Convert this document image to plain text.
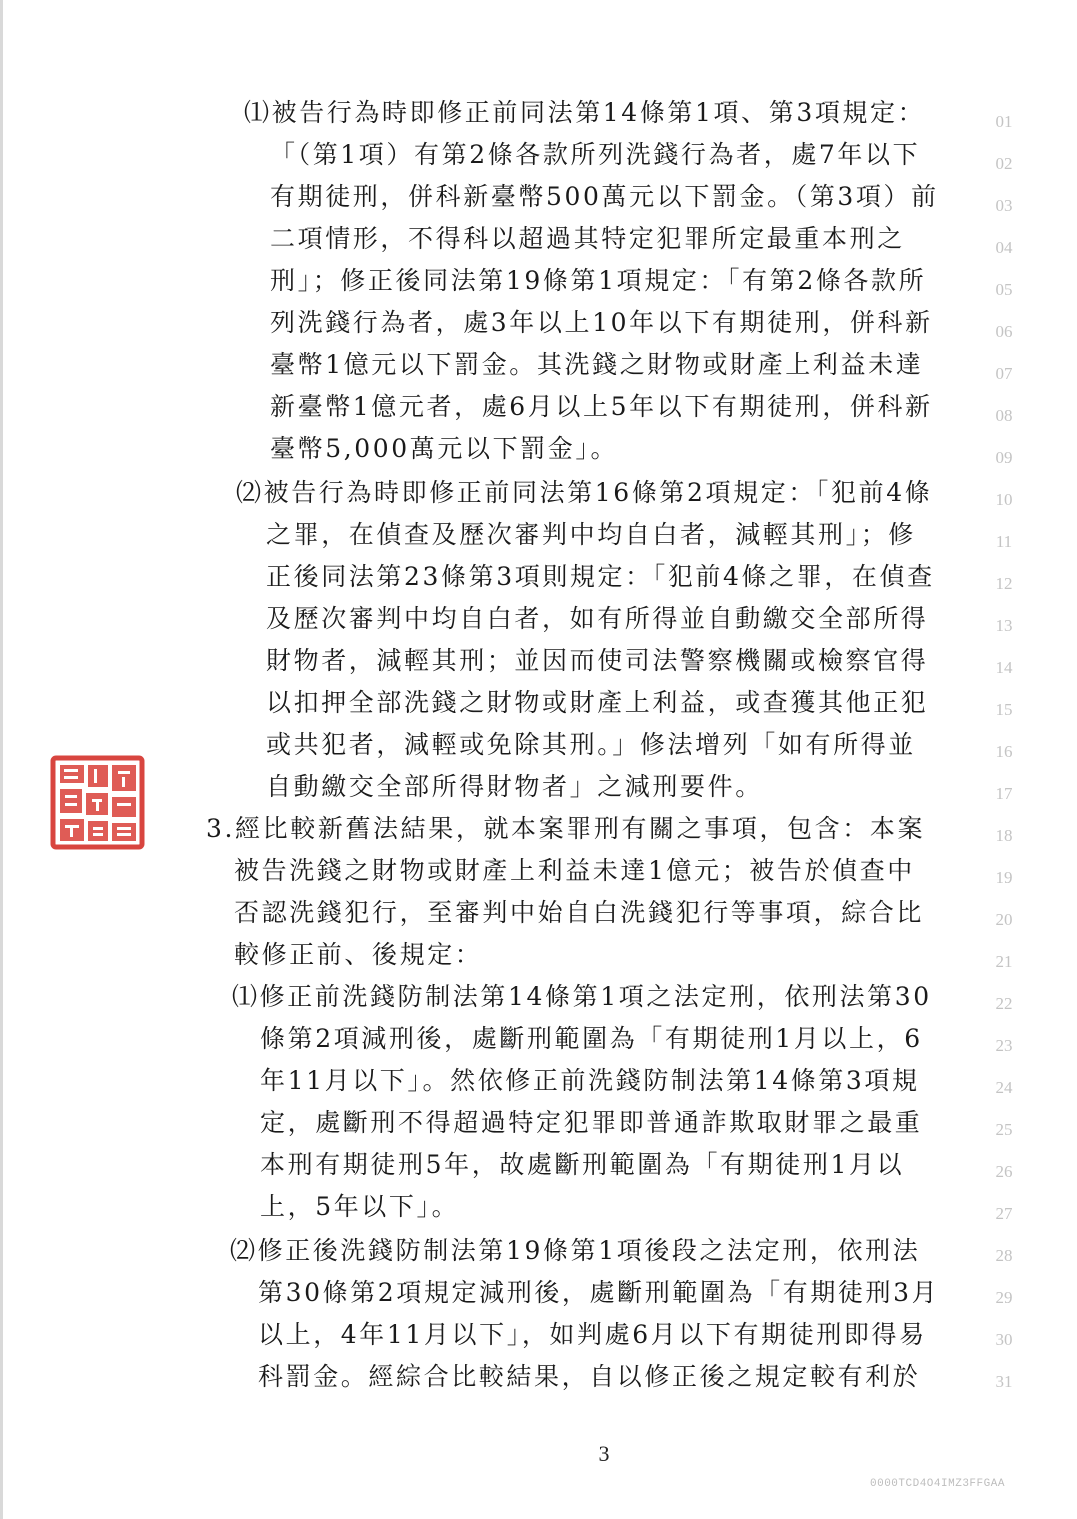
⑴被告行為時即修正前同法第14條第1項、第3項規定：
「（第1項）有第2條各款所列洗錢行為者，處7年以下
有期徒刑，併科新臺幣500萬元以下罰金。（第3項）前
二項情形，不得科以超過其特定犯罪所定最重本刑之
刑」；修正後同法第19條第1項規定：「有第2條各款所
列洗錢行為者，處3年以上10年以下有期徒刑，併科新
臺幣1億元以下罰金。其洗錢之財物或財產上利益未達
新臺幣1億元者，處6月以上5年以下有期徒刑，併科新
臺幣5,000萬元以下罰金」。
⑵被告行為時即修正前同法第16條第2項規定：「犯前4條
之罪，在偵查及歷次審判中均自白者，減輕其刑」；修
正後同法第23條第3項則規定：「犯前4條之罪，在偵查
及歷次審判中均自白者，如有所得並自動繳交全部所得
財物者，減輕其刑；並因而使司法警察機關或檢察官得
以扣押全部洗錢之財物或財產上利益，或查獲其他正犯
或共犯者，減輕或免除其刑。」修法增列「如有所得並
自動繳交全部所得財物者」之減刑要件。
3.經比較新舊法結果，就本案罪刑有關之事項，包含：本案
被告洗錢之財物或財產上利益未達1億元；被告於偵查中
否認洗錢犯行，至審判中始自白洗錢犯行等事項，綜合比
較修正前、後規定：
⑴修正前洗錢防制法第14條第1項之法定刑，依刑法第30
條第2項減刑後，處斷刑範圍為「有期徒刑1月以上，6
年11月以下」。然依修正前洗錢防制法第14條第3項規
定，處斷刑不得超過特定犯罪即普通詐欺取財罪之最重
本刑有期徒刑5年，故處斷刑範圍為「有期徒刑1月以
上，5年以下」。
⑵修正後洗錢防制法第19條第1項後段之法定刑，依刑法
第30條第2項規定減刑後，處斷刑範圍為「有期徒刑3月
以上，4年11月以下」，如判處6月以下有期徒刑即得易
科罰金。經綜合比較結果，自以修正後之規定較有利於
01
02
03
04
05
06
07
08
09
10
11
12
13
14
15
16
17
18
19
20
21
22
23
24
25
26
27
28
29
30
31
3
0000TCD4O4IMZ3FFGAA
